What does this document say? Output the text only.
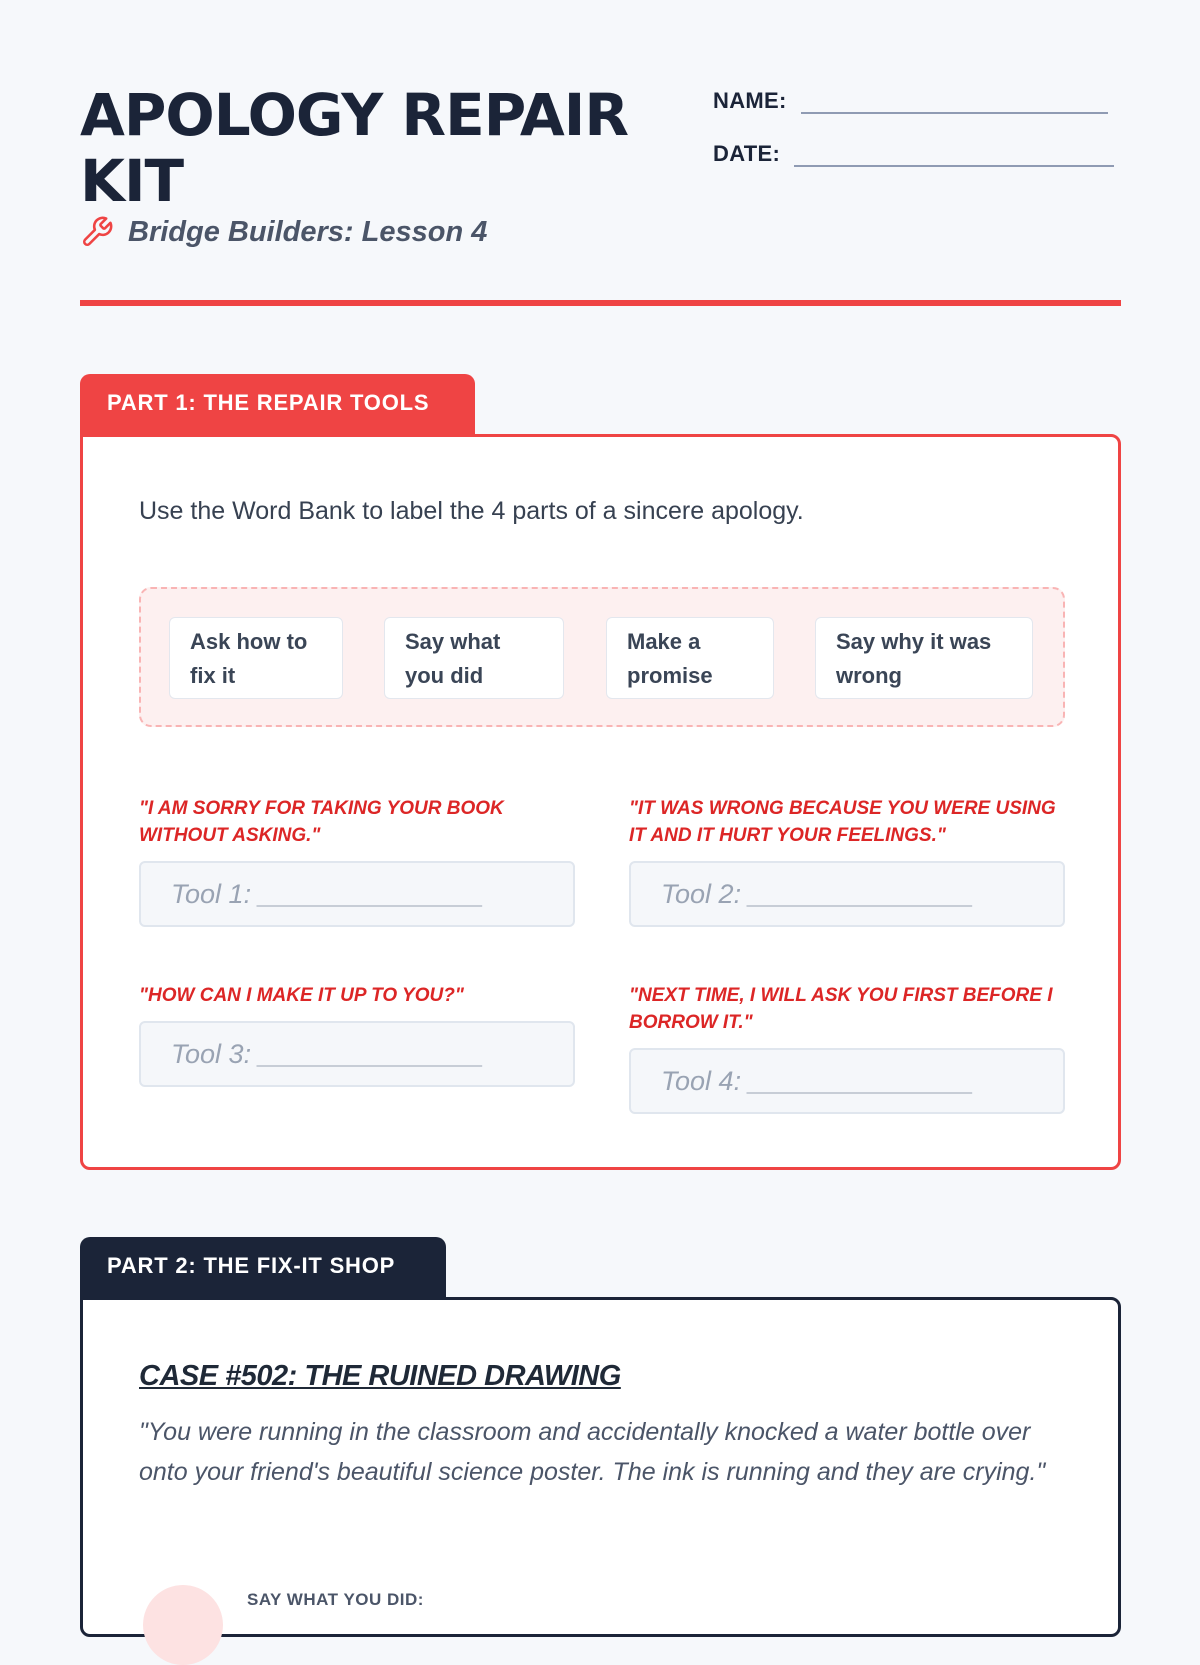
APOLOGY REPAIR KIT
Bridge Builders: Lesson 4
NAME:
DATE:
PART 1: THE REPAIR TOOLS
Use the Word Bank to label the 4 parts of a sincere apology.
Ask how to fix it
Say what you did
Make a promise
Say why it was wrong
"I AM SORRY FOR TAKING YOUR BOOK WITHOUT ASKING."
Tool 1: _______________
"IT WAS WRONG BECAUSE YOU WERE USING IT AND IT HURT YOUR FEELINGS."
Tool 2: _______________
"HOW CAN I MAKE IT UP TO YOU?"
Tool 3: _______________
"NEXT TIME, I WILL ASK YOU FIRST BEFORE I BORROW IT."
Tool 4: _______________
PART 2: THE FIX-IT SHOP
CASE #502: THE RUINED DRAWING
"You were running in the classroom and accidentally knocked a water bottle over onto your friend's beautiful science poster. The ink is running and they are crying."
SAY WHAT YOU DID:
